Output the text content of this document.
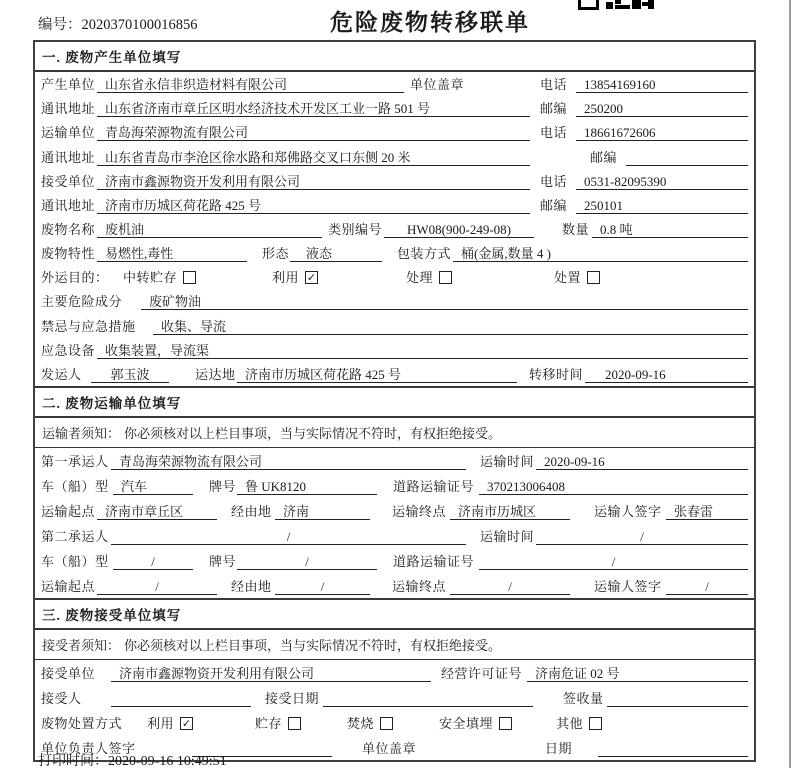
编号：2020370100016856	危险废物转移联单
一. 废物产生单位填写
产生单位 山东省永信非织造材料有限公司	单位盖章	电话	13854169160
通讯地址 山东省济南市章丘区明水经济技术开发区工业一路 501 号	邮编	250200
运输单位 青岛海荣源物流有限公司	电话	18661672606
通讯地址 山东省青岛市李沧区徐水路和郑佛路交叉口东侧 20 米	邮编
接受单位 济南市鑫源物资开发利用有限公司	电话	0531-82095390
通讯地址 济南市历城区荷花路 425 号	邮编	250101
废物名称 废机油	类别编号	HW08(900-249-08)	数量 0.8 吨
废物特性 易燃性,毒性	形态	液态	包装方式 桶(金属,数量 4 )
外运目的：	中转贮存	利用 ✓	处理	处置
主要危险成分	废矿物油
禁忌与应急措施	收集、导流
应急设备 收集装置，导流渠
发运人	郭玉波	运达地 济南市历城区荷花路 425 号	转移时间	2020-09-16
二. 废物运输单位填写
运输者须知： 你必须核对以上栏目事项，当与实际情况不符时，有权拒绝接受。
第一承运人 青岛海荣源物流有限公司	运输时间 2020-09-16
车（船）型 汽车	牌号 鲁 UK8120	道路运输证号 370213006408
运输起点 济南市章丘区	经由地 济南	运输终点 济南市历城区	运输人签字 张春雷
第二承运人	/	运输时间	/
车（船）型	/	牌号	/	道路运输证号	/
运输起点	/	经由地	/	运输终点	/	运输人签字	/
三. 废物接受单位填写
接受者须知： 你必须核对以上栏目事项，当与实际情况不符时，有权拒绝接受。
接受单位	济南市鑫源物资开发利用有限公司	经营许可证号 济南危证 02 号
接受人	接受日期	签收量
废物处置方式	利用 ✓	贮存	焚烧	安全填埋	其他
单位负责人签字	单位盖章	日期
打印时间：2020-09-16 10:49:51
